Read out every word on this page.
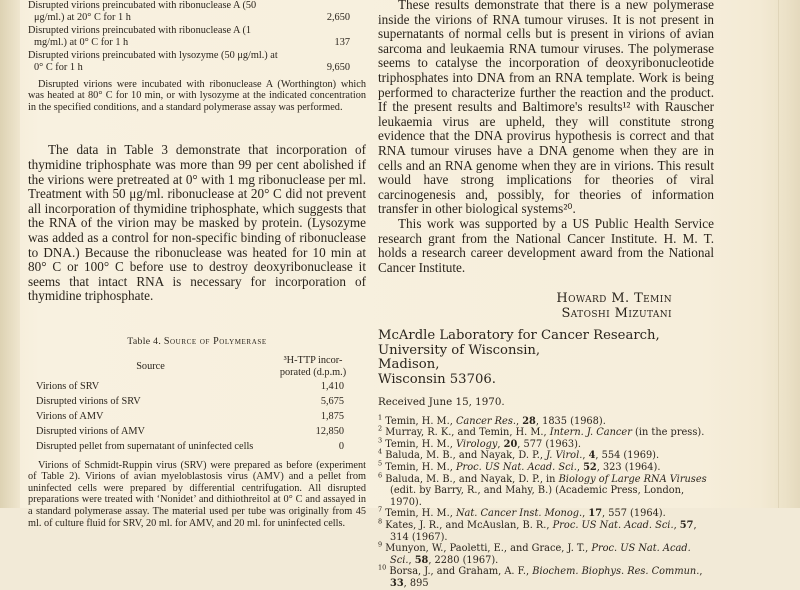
Disrupted virions preincubated with ribonuclease A (50
μg/ml.) at 20° C for 1 h	2,650
Disrupted virions preincubated with ribonuclease A (1
mg/ml.) at 0° C for 1 h	137
Disrupted virions preincubated with lysozyme (50 μg/ml.) at
0° C for 1 h	9,650

Disrupted virions were incubated with ribonuclease A (Worthington) which was heated at 80° C for 10 min, or with lysozyme at the indicated concentration in the specified conditions, and a standard polymerase assay was performed.

The data in Table 3 demonstrate that incorporation of thymidine triphosphate was more than 99 per cent abolished if the virions were pretreated at 0° with 1 mg ribonuclease per ml. Treatment with 50 μg/ml. ribonuclease at 20° C did not prevent all incorporation of thymidine triphosphate, which suggests that the RNA of the virion may be masked by protein. (Lysozyme was added as a control for non-specific binding of ribonuclease to DNA.) Because the ribonuclease was heated for 10 min at 80° C or 100° C before use to destroy deoxyribonuclease it seems that intact RNA is necessary for incorporation of thymidine triphosphate.

Table 4. Source of Polymerase
Source
³H-TTP incor-
porated (d.p.m.)
Virions of SRV	1,410
Disrupted virions of SRV	5,675
Virions of AMV	1,875
Disrupted virions of AMV	12,850
Disrupted pellet from supernatant of uninfected cells	0

Virions of Schmidt-Ruppin virus (SRV) were prepared as before (experiment of Table 2). Virions of avian myeloblastosis virus (AMV) and a pellet from uninfected cells were prepared by differential centrifugation. All disrupted preparations were treated with ‘Nonidet’ and dithiothreitol at 0° C and assayed in a standard polymerase assay. The material used per tube was originally from 45 ml. of culture fluid for SRV, 20 ml. for AMV, and 20 ml. for uninfected cells.

These results demonstrate that there is a new polymerase inside the virions of RNA tumour viruses. It is not present in supernatants of normal cells but is present in virions of avian sarcoma and leukaemia RNA tumour viruses. The polymerase seems to catalyse the incorporation of deoxyribonucleotide triphosphates into DNA from an RNA template. Work is being performed to characterize further the reaction and the product. If the present results and Baltimore's results¹² with Rauscher leukaemia virus are upheld, they will constitute strong evidence that the DNA provirus hypothesis is correct and that RNA tumour viruses have a DNA genome when they are in cells and an RNA genome when they are in virions. This result would have strong implications for theories of viral carcinogenesis and, possibly, for theories of information transfer in other biological systems²⁰.

This work was supported by a US Public Health Service research grant from the National Cancer Institute. H. M. T. holds a research career development award from the National Cancer Institute.

Howard M. Temin
Satoshi Mizutani
McArdle Laboratory for Cancer Research,
University of Wisconsin,
Madison,
Wisconsin 53706.
Received June 15, 1970.
$^1$ Temin, H. M., Cancer Res., 28, 1835 (1968).
$^2$ Murray, R. K., and Temin, H. M., Intern. J. Cancer (in the press).
$^3$ Temin, H. M., Virology, 20, 577 (1963).
$^4$ Baluda, M. B., and Nayak, D. P., J. Virol., 4, 554 (1969).
$^5$ Temin, H. M., Proc. US Nat. Acad. Sci., 52, 323 (1964).
$^6$ Baluda, M. B., and Nayak, D. P., in Biology of Large RNA Viruses (edit. by Barry, R., and Mahy, B.) (Academic Press, London, 1970).
$^7$ Temin, H. M., Nat. Cancer Inst. Monog., 17, 557 (1964).
$^8$ Kates, J. R., and McAuslan, B. R., Proc. US Nat. Acad. Sci., 57, 314 (1967).
$^9$ Munyon, W., Paoletti, E., and Grace, J. T., Proc. US Nat. Acad. Sci., 58, 2280 (1967).
$^{10}$ Borsa, J., and Graham, A. F., Biochem. Biophys. Res. Commun., 33, 895
